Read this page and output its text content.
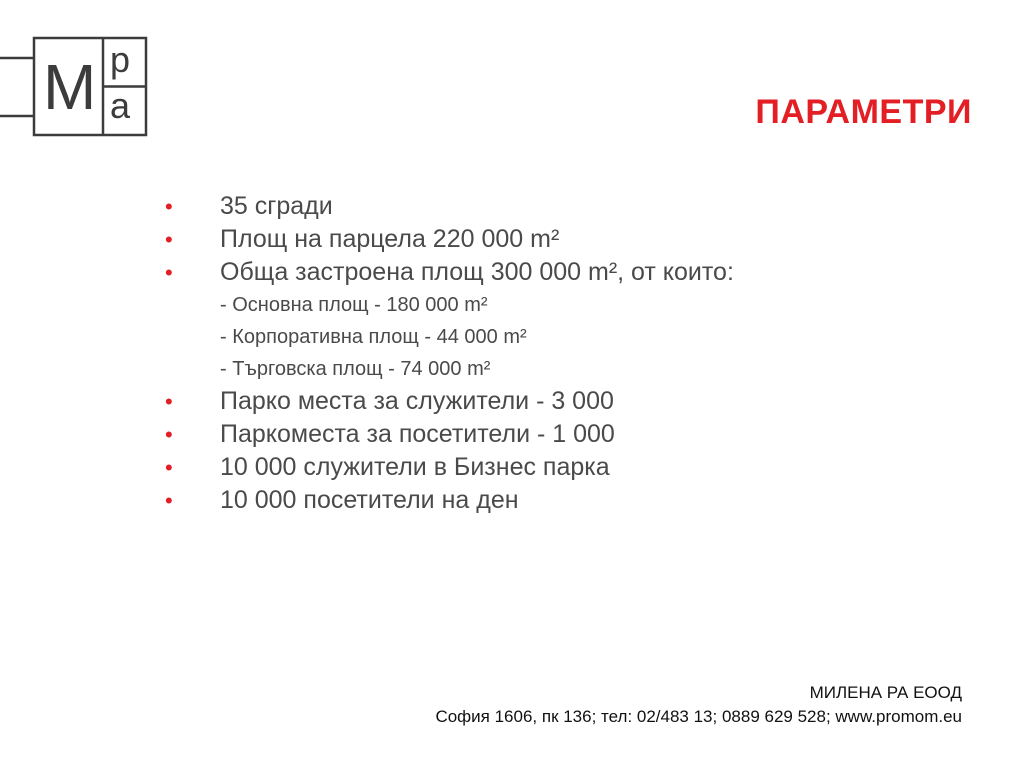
M p
a	ПАРАМЕТРИ
• 35 сгради
• Площ на парцела 220 000 m²
• Обща застроена площ 300 000 m², от които:
- Основна площ - 180 000 m²
- Корпоративна площ - 44 000 m²
- Търговска площ - 74 000 m²
• Парко места за служители - 3 000
• Паркоместа за посетители - 1 000
• 10 000 служители в Бизнес парка
• 10 000 посетители на ден
МИЛЕНА РА ЕООД
София 1606, пк 136; тел: 02/483 13; 0889 629 528; www.promom.eu
